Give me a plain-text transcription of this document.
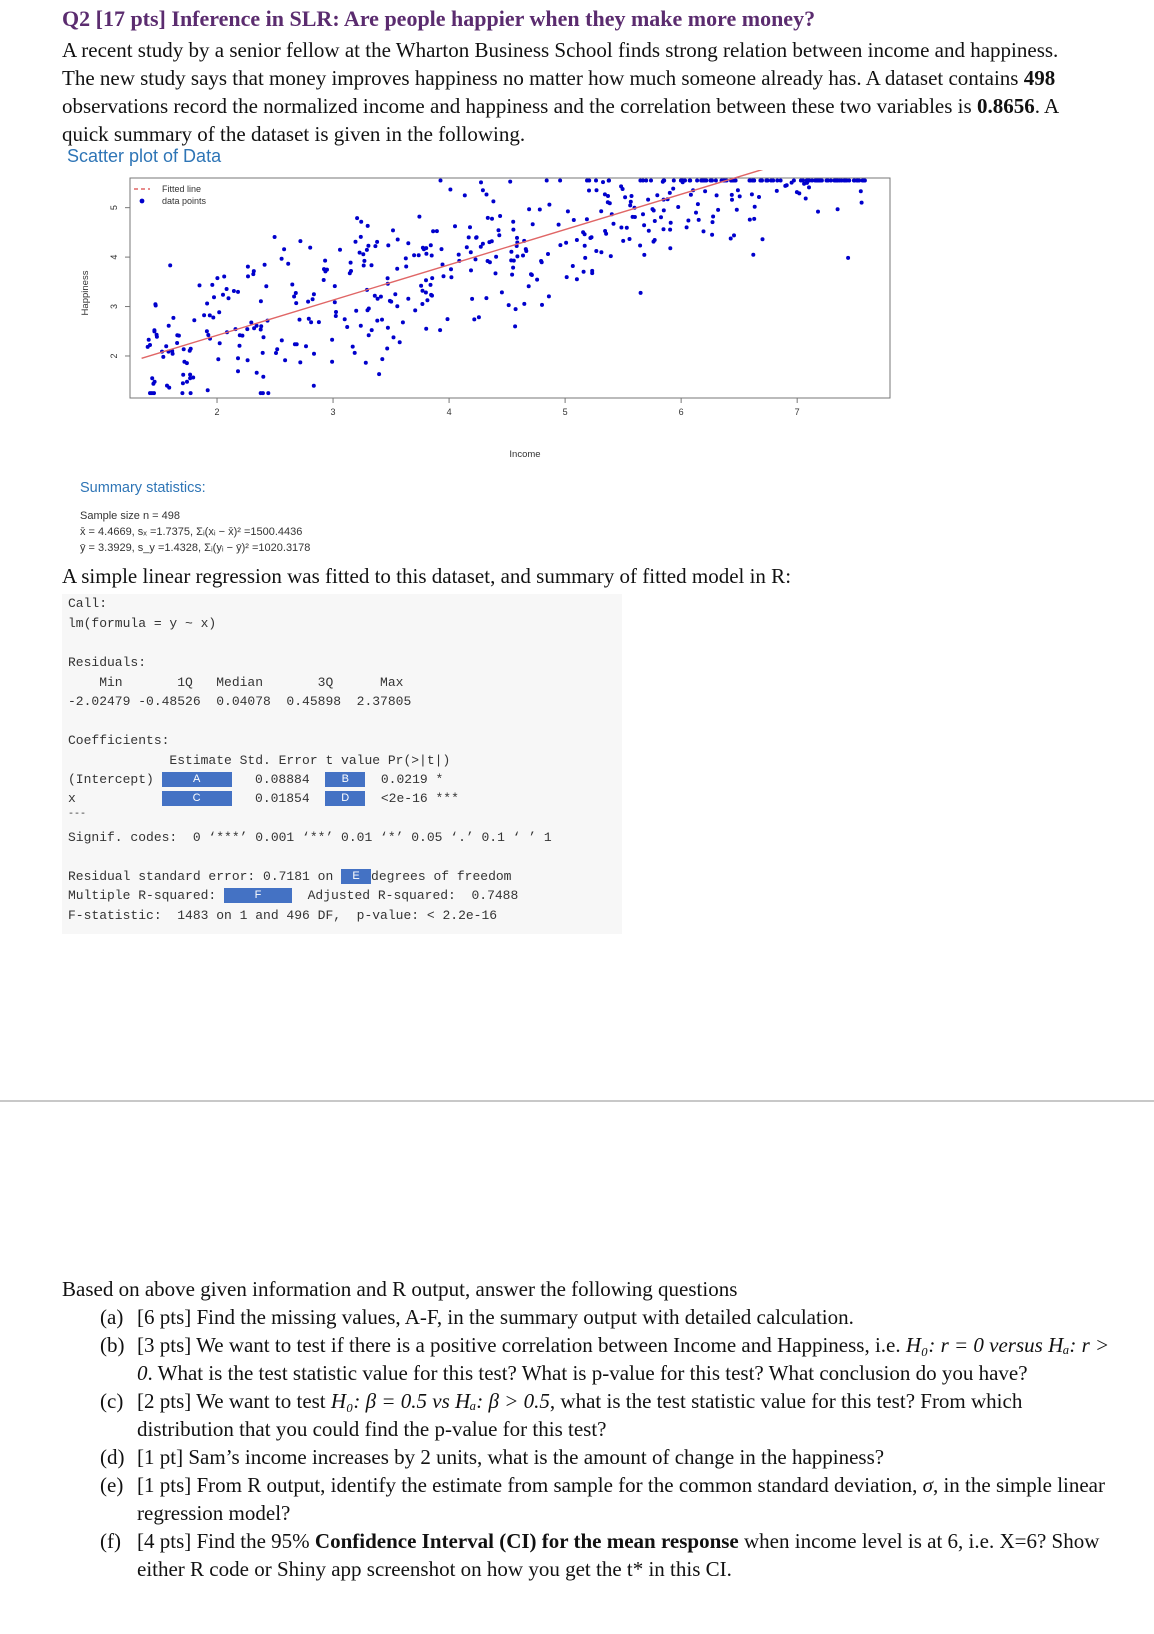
Q2 [17 pts] Inference in SLR: Are people happier when they make more money?
A recent study by a senior fellow at the Wharton Business School finds strong relation between income and happiness. The new study says that money improves happiness no matter how much someone already has. A dataset contains 498 observations record the normalized income and happiness and the correlation between these two variables is 0.8656. A quick summary of the dataset is given in the following.
Scatter plot of Data
2	3	4	5	6	7
2
3
4
5
Income
Happiness
Fitted line
data points
Summary statistics:
Sample size n = 498
x̄ = 4.4669, sₓ =1.7375, Σᵢ(xᵢ − x̄)² =1500.4436
ȳ = 3.3929, s_y =1.4328, Σᵢ(yᵢ − ȳ)² =1020.3178
A simple linear regression was fitted to this dataset, and summary of fitted model in R:
Call:
lm(formula = y ~ x)
Residuals:
Min       1Q   Median       3Q      Max
-2.02479 -0.48526  0.04078  0.45898  2.37805
Coefficients:
Estimate Std. Error t value Pr(>|t|)
(Intercept)	A	0.08884	B 0.0219 *
x	C	0.01854	D <2e-16 ***
---
Signif. codes:  0 ‘***’ 0.001 ‘**’ 0.01 ‘*’ 0.05 ‘.’ 0.1 ‘ ’ 1
Residual standard error: 0.7181 on E degrees of freedom
Multiple R-squared:	F  Adjusted R-squared:  0.7488
F-statistic:  1483 on 1 and 496 DF,  p-value: < 2.2e-16
Based on above given information and R output, answer the following questions
(a) [6 pts] Find the missing values, A-F, in the summary output with detailed calculation.
(b) [3 pts] We want to test if there is a positive correlation between Income and Happiness, i.e. H₀: r = 0 versus Hₐ: r > 0. What is the test statistic value for this test? What is p-value for this test? What conclusion do you have?
(c) [2 pts] We want to test H₀: β = 0.5 vs Hₐ: β > 0.5, what is the test statistic value for this test? From which distribution that you could find the p-value for this test?
(d) [1 pt] Sam’s income increases by 2 units, what is the amount of change in the happiness?
(e) [1 pts] From R output, identify the estimate from sample for the common standard deviation, σ, in the simple linear regression model?
(f) [4 pts] Find the 95% Confidence Interval (CI) for the mean response when income level is at 6, i.e. X=6? Show either R code or Shiny app screenshot on how you get the t* in this CI.
